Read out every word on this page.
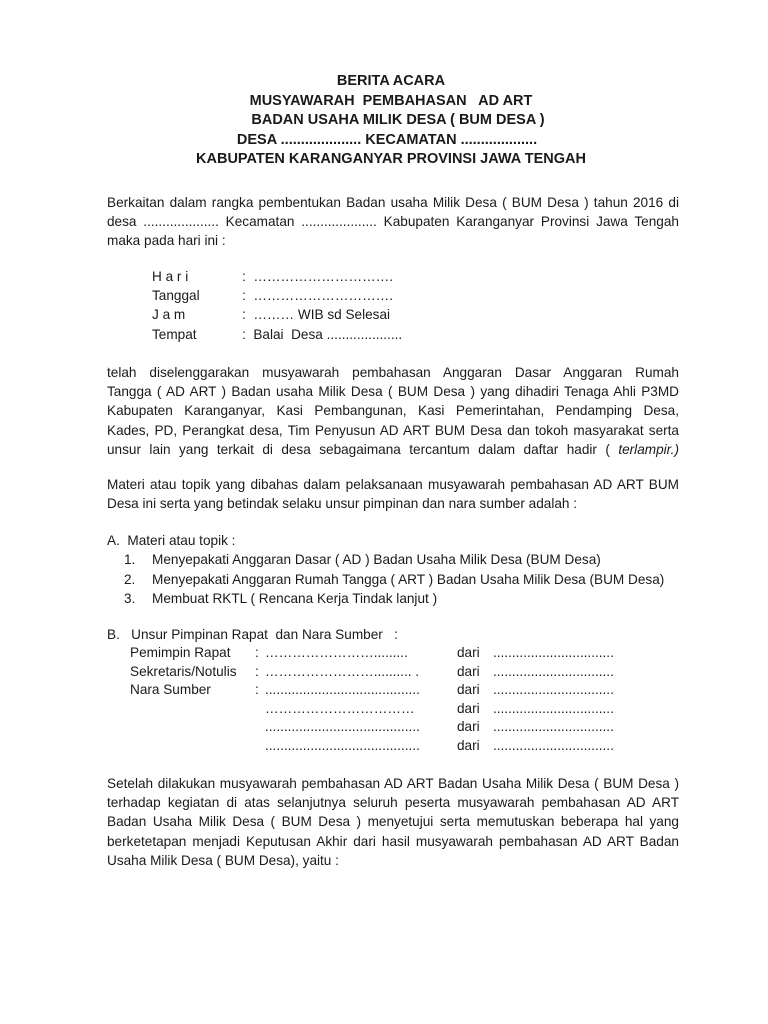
BERITA ACARA
MUSYAWARAH  PEMBAHASAN   AD ART
BADAN USAHA MILIK DESA ( BUM DESA )
DESA .................... KECAMATAN ...................
KABUPATEN KARANGANYAR PROVINSI JAWA TENGAH
Berkaitan dalam rangka pembentukan Badan usaha Milik Desa ( BUM Desa ) tahun 2016 di
desa .................... Kecamatan .................... Kabupaten Karanganyar Provinsi Jawa Tengah
maka pada hari ini :
H a r i	:  ………………………….
Tanggal	:  ………………………….
J a m	:  ……… WIB sd Selesai
Tempat	:  Balai  Desa ....................
telah diselenggarakan musyawarah pembahasan Anggaran Dasar Anggaran Rumah
Tangga ( AD ART ) Badan usaha Milik Desa ( BUM Desa ) yang dihadiri Tenaga Ahli P3MD
Kabupaten Karanganyar, Kasi Pembangunan, Kasi Pemerintahan, Pendamping Desa,
Kades, PD, Perangkat desa, Tim Penyusun AD ART BUM Desa dan tokoh masyarakat serta
unsur lain yang terkait di desa sebagaimana tercantum dalam daftar hadir ( terlampir.)
Materi atau topik yang dibahas dalam pelaksanaan musyawarah pembahasan AD ART BUM
Desa ini serta yang betindak selaku unsur pimpinan dan nara sumber adalah :
A.  Materi atau topik :
1.	Menyepakati Anggaran Dasar ( AD ) Badan Usaha Milik Desa (BUM Desa)
2.	Menyepakati Anggaran Rumah Tangga ( ART ) Badan Usaha Milik Desa (BUM Desa)
3.	Membuat RKTL ( Rencana Kerja Tindak lanjut )
B.   Unsur Pimpinan Rapat  dan Nara Sumber   :
Pemimpin Rapat	: …………………….........	dari ................................
Sekretaris/Notulis	: …………………….......... .	dari ................................
Nara Sumber	: .........................................	dari ................................
……………………………	dari ................................
.........................................	dari ................................
.........................................	dari ................................
Setelah dilakukan musyawarah pembahasan AD ART Badan Usaha Milik Desa ( BUM Desa )
terhadap kegiatan di atas selanjutnya seluruh peserta musyawarah pembahasan AD ART
Badan Usaha Milik Desa ( BUM Desa ) menyetujui serta memutuskan beberapa hal yang
berketetapan menjadi Keputusan Akhir dari hasil musyawarah pembahasan AD ART Badan
Usaha Milik Desa ( BUM Desa), yaitu :
